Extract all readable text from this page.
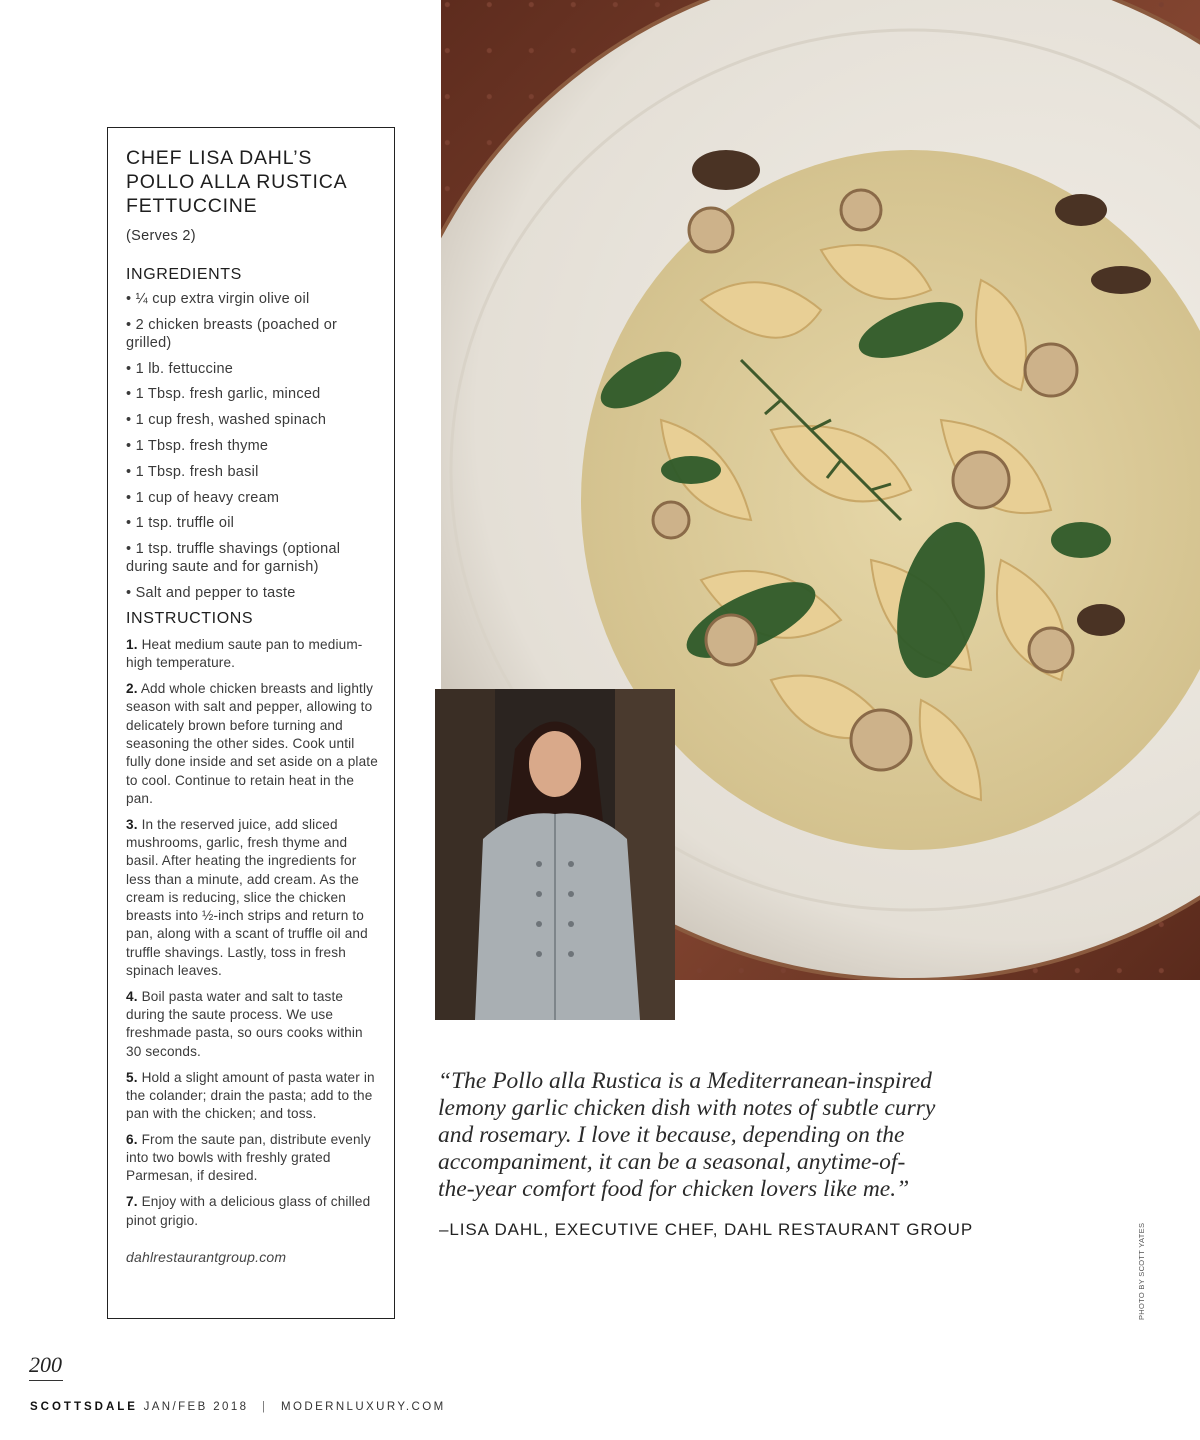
CHEF LISA DAHL’S
POLLO ALLA RUSTICA
FETTUCCINE
(Serves 2)
INGREDIENTS
• ¼ cup extra virgin olive oil
• 2 chicken breasts (poached or grilled)
• 1 lb. fettuccine
• 1 Tbsp. fresh garlic, minced
• 1 cup fresh, washed spinach
• 1 Tbsp. fresh thyme
• 1 Tbsp. fresh basil
• 1 cup of heavy cream
• 1 tsp. truffle oil
• 1 tsp. truffle shavings (optional during saute and for garnish)
• Salt and pepper to taste
INSTRUCTIONS
1. Heat medium saute pan to medium-high temperature.
2. Add whole chicken breasts and lightly season with salt and pepper, allowing to delicately brown before turning and seasoning the other sides. Cook until fully done inside and set aside on a plate to cool. Continue to retain heat in the pan.
3. In the reserved juice, add sliced mushrooms, garlic, fresh thyme and basil. After heating the ingredients for less than a minute, add cream. As the cream is reducing, slice the chicken breasts into ½-inch strips and return to pan, along with a scant of truffle oil and truffle shavings. Lastly, toss in fresh spinach leaves.
4. Boil pasta water and salt to taste during the saute process. We use freshmade pasta, so ours cooks within 30 seconds.
5. Hold a slight amount of pasta water in the colander; drain the pasta; add to the pan with the chicken; and toss.
6. From the saute pan, distribute evenly into two bowls with freshly grated Parmesan, if desired.
7. Enjoy with a delicious glass of chilled pinot grigio.
dahlrestaurantgroup.com

“The Pollo alla Rustica is a Mediterranean-inspired lemony garlic chicken dish with notes of subtle curry and rosemary. I love it because, depending on the accompaniment, it can be a seasonal, anytime-of-the-year comfort food for chicken lovers like me.”

–LISA DAHL, EXECUTIVE CHEF, DAHL RESTAURANT GROUP	PHOTO BY SCOTT YATES
200
SCOTTSDALE JAN/FEB 2018 | MODERNLUXURY.COM
